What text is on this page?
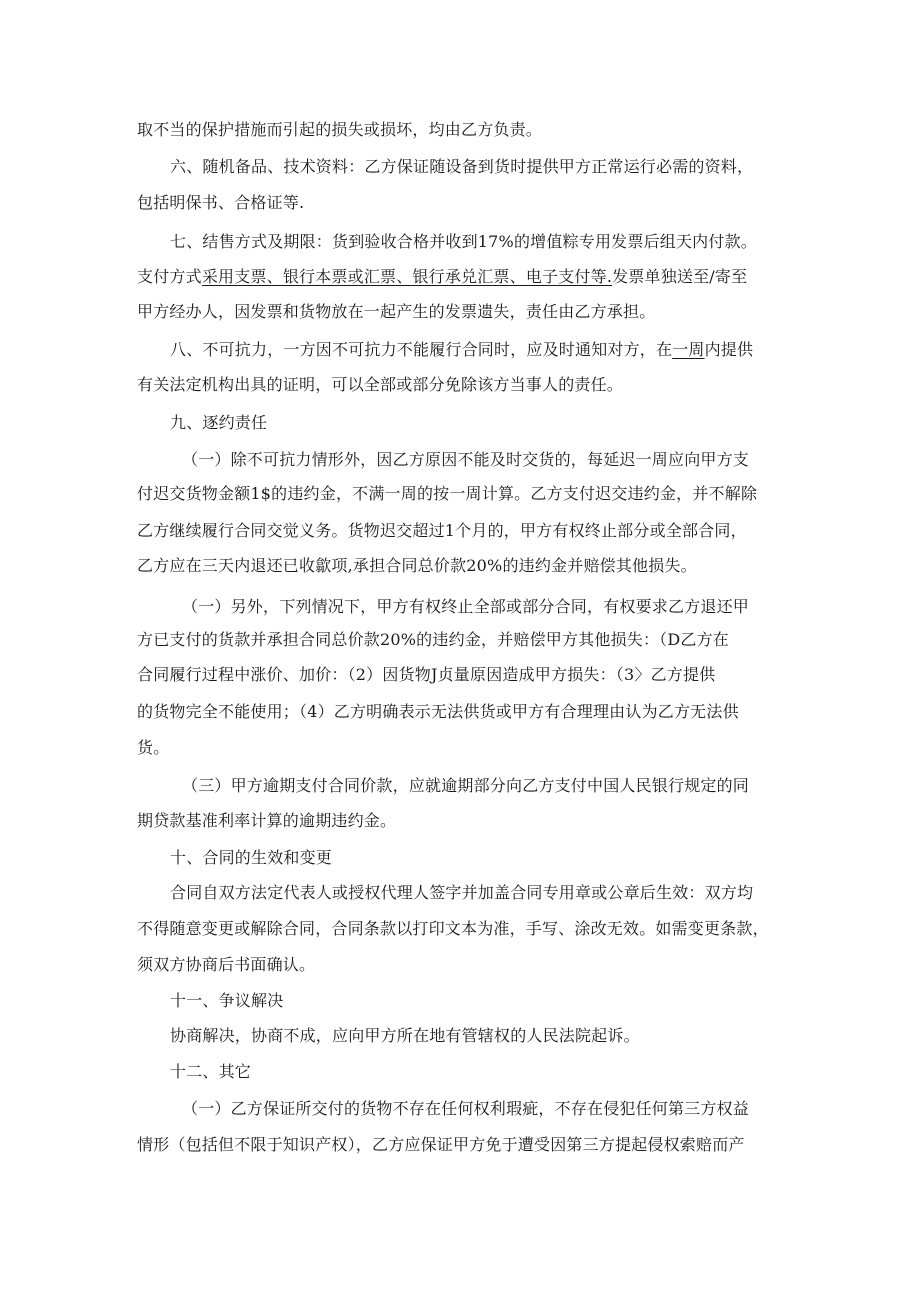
取不当的保护措施而引起的损失或损坏，均由乙方负责。
六、随机备品、技术资料：乙方保证随设备到货时提供甲方正常运行必需的资料，
包括明保书、合格证等.
七、结售方式及期限：货到验收合格并收到17%的增值粽专用发票后组天内付款。
支付方式采用支票、银行本票或汇票、银行承兑汇票、电子支付等.发票单独送至/寄至
甲方经办人，因发票和货物放在一起产生的发票遗失，责任由乙方承担。
八、不可抗力，一方因不可抗力不能履行合同时，应及时通知对方，在一周内提供
有关法定机构出具的证明，可以全部或部分免除该方当事人的责任。
九、逐约责任
（一）除不可抗力情形外，因乙方原因不能及时交货的，每延迟一周应向甲方支
付迟交货物金额1$的违约金，不满一周的按一周计算。乙方支付迟交违约金，并不解除
乙方继续履行合同交觉义务。货物迟交超过1个月的，甲方有权终止部分或全部合同，
乙方应在三天内退还已收歙项,承担合同总价款20%的违约金并赔偿其他损失。
（一）另外，下列情况下，甲方有权终止全部或部分合同，有权要求乙方退还甲
方已支付的货款并承担合同总价款20%的违约金，并赔偿甲方其他损失：（D乙方在
合同履行过程中涨价、加价：（2）因货物J贞量原因造成甲方损失：（3〉乙方提供
的货物完全不能使用；（4）乙方明确表示无法供货或甲方有合理理由认为乙方无法供
货。
（三）甲方逾期支付合同价款，应就逾期部分向乙方支付中国人民银行规定的同
期贷款基准利率计算的逾期违约金。
十、合同的生效和变更
合同自双方法定代表人或授权代理人签字并加盖合同专用章或公章后生效：双方均
不得随意变更或解除合同，合同条款以打印文本为准，手写、涂改无效。如需变更条款，
须双方协商后书面确认。
十一、争议解决
协商解决，协商不成，应向甲方所在地有管辖权的人民法院起诉。
十二、其它
（一）乙方保证所交付的货物不存在任何权利瑕疵，不存在侵犯任何第三方权益
情形（包括但不限于知识产权），乙方应保证甲方免于遭受因第三方提起侵权索赔而产
